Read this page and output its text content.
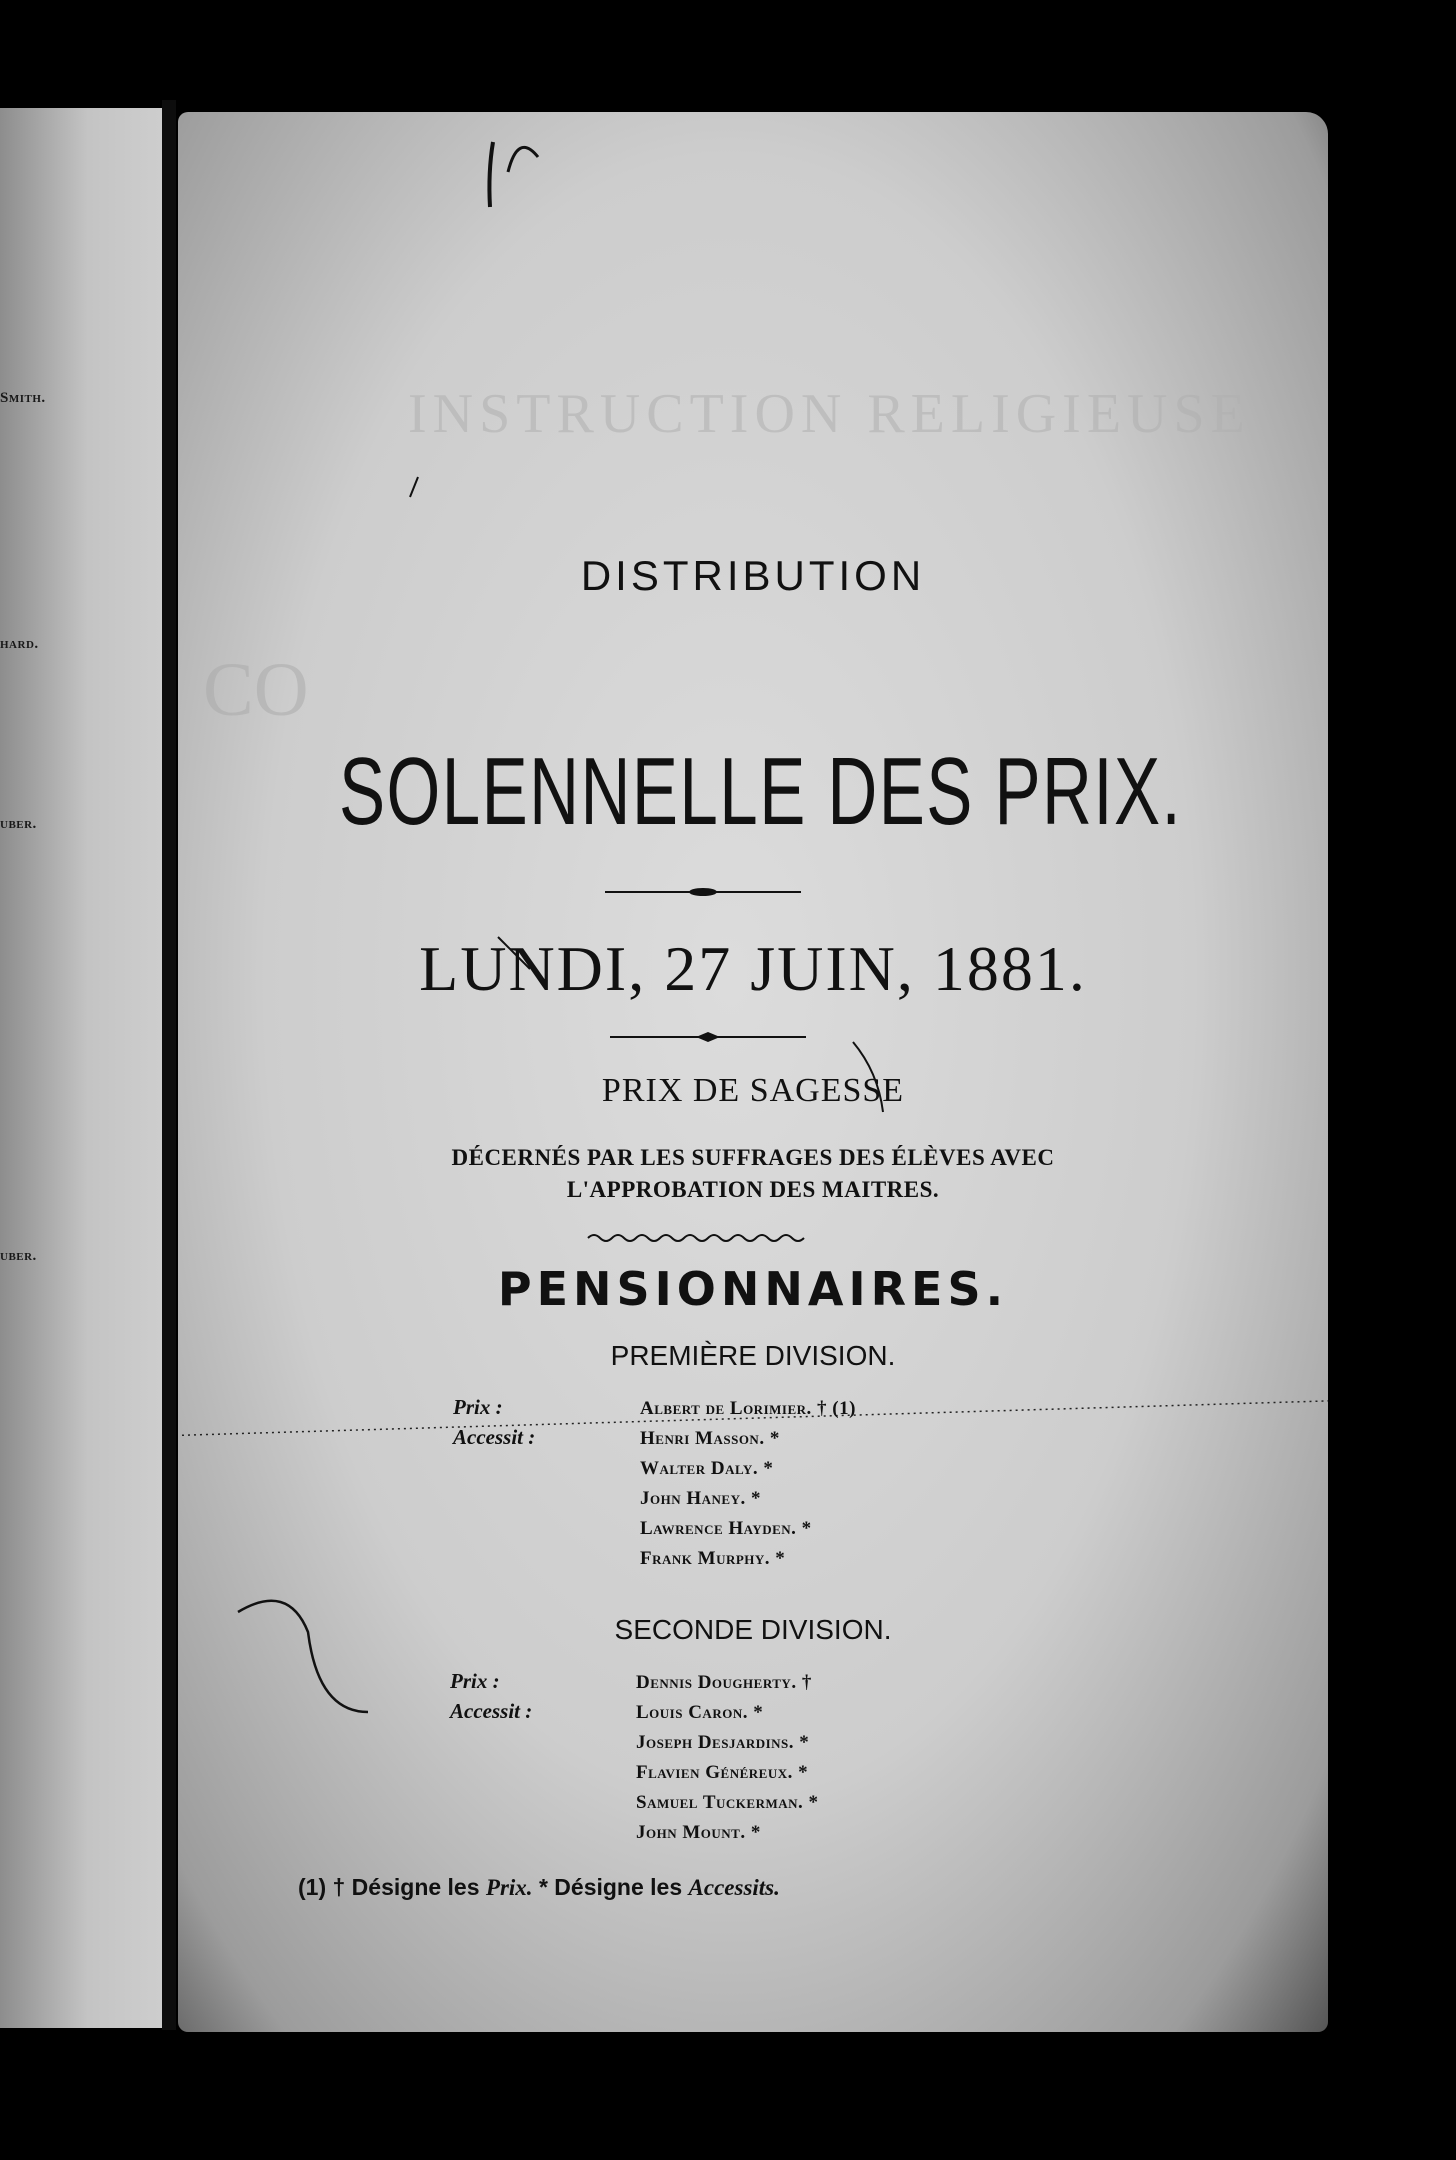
Smith.
hard.
uber.
uber.
INSTRUCTION RELIGIEUSE
CO
DISTRIBUTION
SOLENNELLE DES PRIX.
LUNDI, 27 JUIN, 1881.
PRIX DE SAGESSE
DÉCERNÉS PAR LES SUFFRAGES DES ÉLÈVES AVEC
L'APPROBATION DES MAITRES.
PENSIONNAIRES.
PREMIÈRE DIVISION.
Prix :
Accessit :
Albert de Lorimier. † (1)
Henri Masson. *
Walter Daly. *
John Haney. *
Lawrence Hayden. *
Frank Murphy. *
SECONDE DIVISION.
Prix :
Accessit :
Dennis Dougherty. †
Louis Caron. *
Joseph Desjardins. *
Flavien Généreux. *
Samuel Tuckerman. *
John Mount. *
(1) † Désigne les Prix. * Désigne les Accessits.
